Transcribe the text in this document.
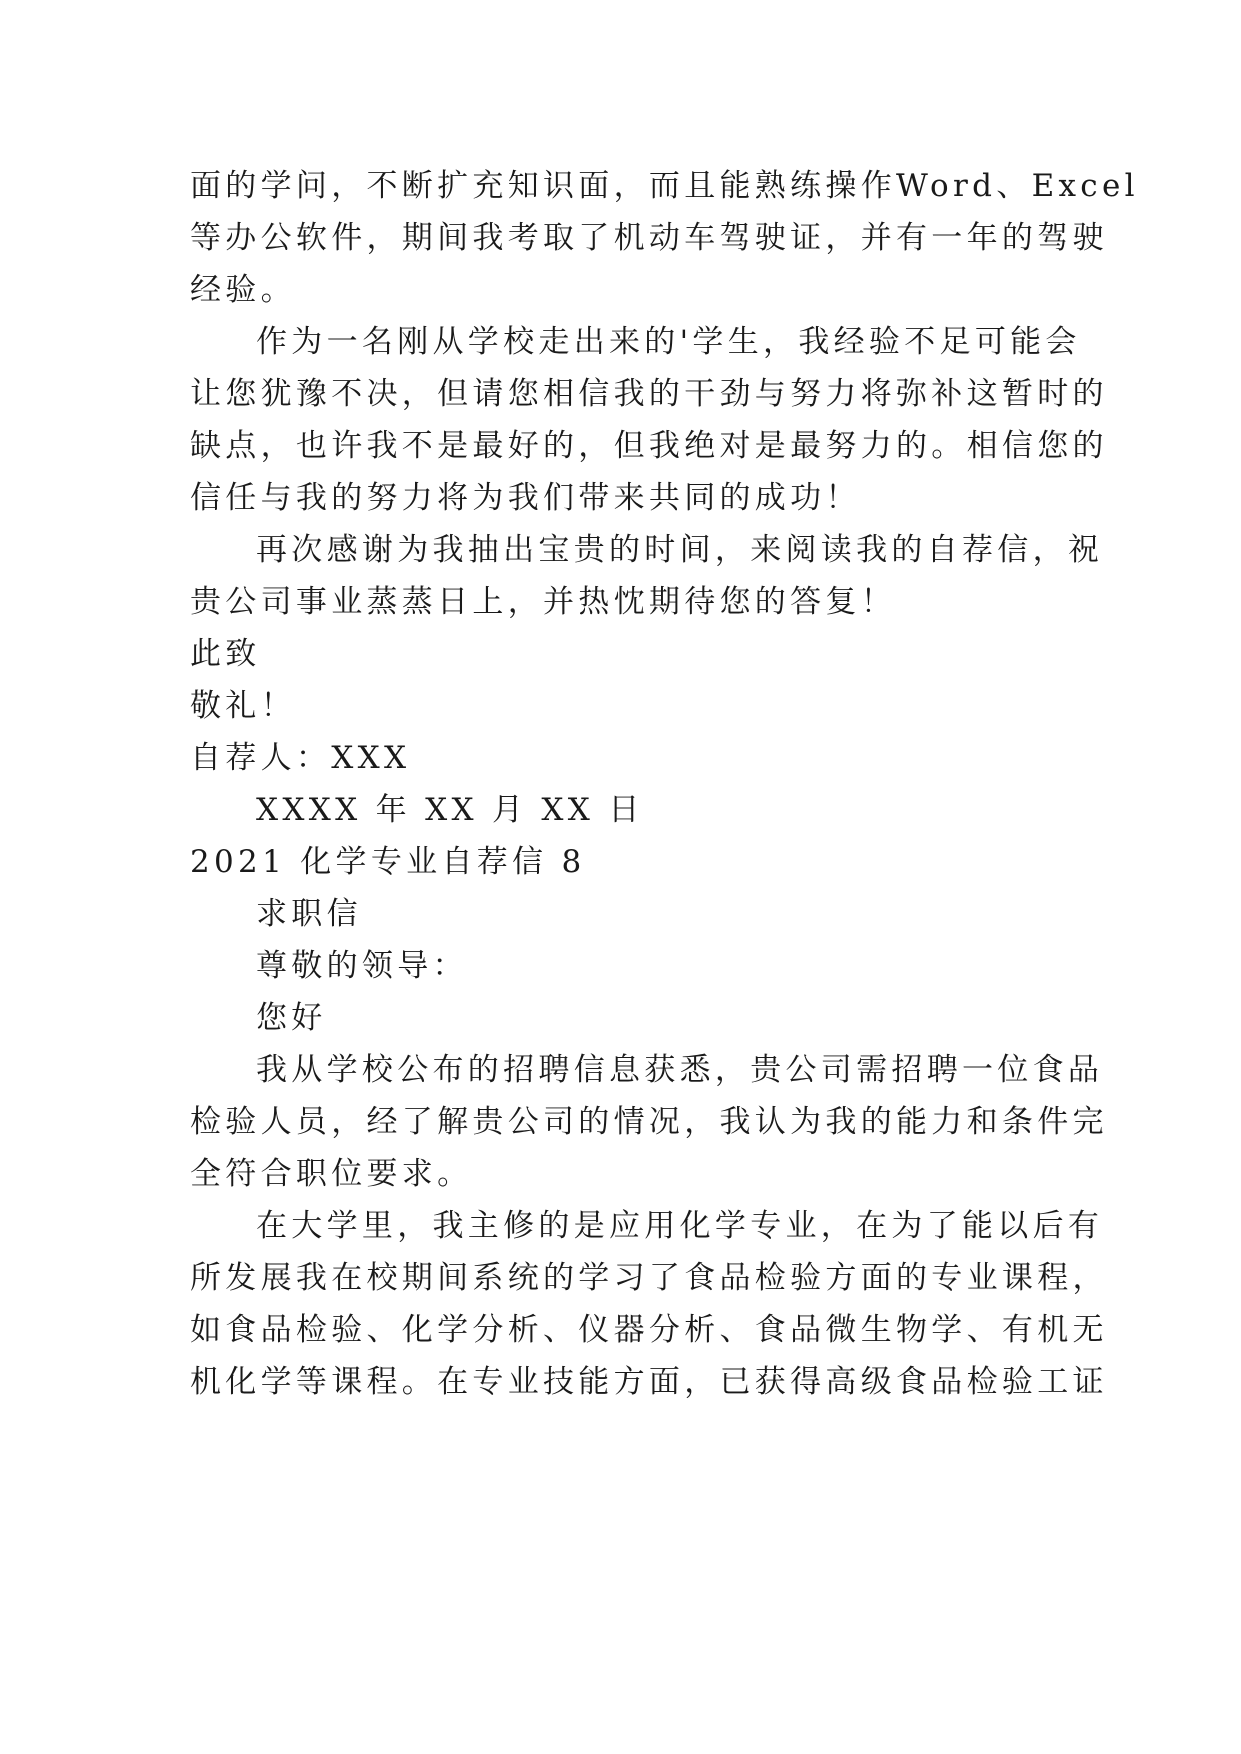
面的学问，不断扩充知识面，而且能熟练操作Word、Excel
等办公软件，期间我考取了机动车驾驶证，并有一年的驾驶
经验。
作为一名刚从学校走出来的'学生，我经验不足可能会
让您犹豫不决，但请您相信我的干劲与努力将弥补这暂时的
缺点，也许我不是最好的，但我绝对是最努力的。相信您的
信任与我的努力将为我们带来共同的成功！
再次感谢为我抽出宝贵的时间，来阅读我的自荐信，祝
贵公司事业蒸蒸日上，并热忱期待您的答复！
此致
敬礼！
自荐人：XXX
XXXX 年 XX 月 XX 日
2021 化学专业自荐信 8
求职信
尊敬的领导：
您好
我从学校公布的招聘信息获悉，贵公司需招聘一位食品
检验人员，经了解贵公司的情况，我认为我的能力和条件完
全符合职位要求。
在大学里，我主修的是应用化学专业，在为了能以后有
所发展我在校期间系统的学习了食品检验方面的专业课程，
如食品检验、化学分析、仪器分析、食品微生物学、有机无
机化学等课程。在专业技能方面，已获得高级食品检验工证
